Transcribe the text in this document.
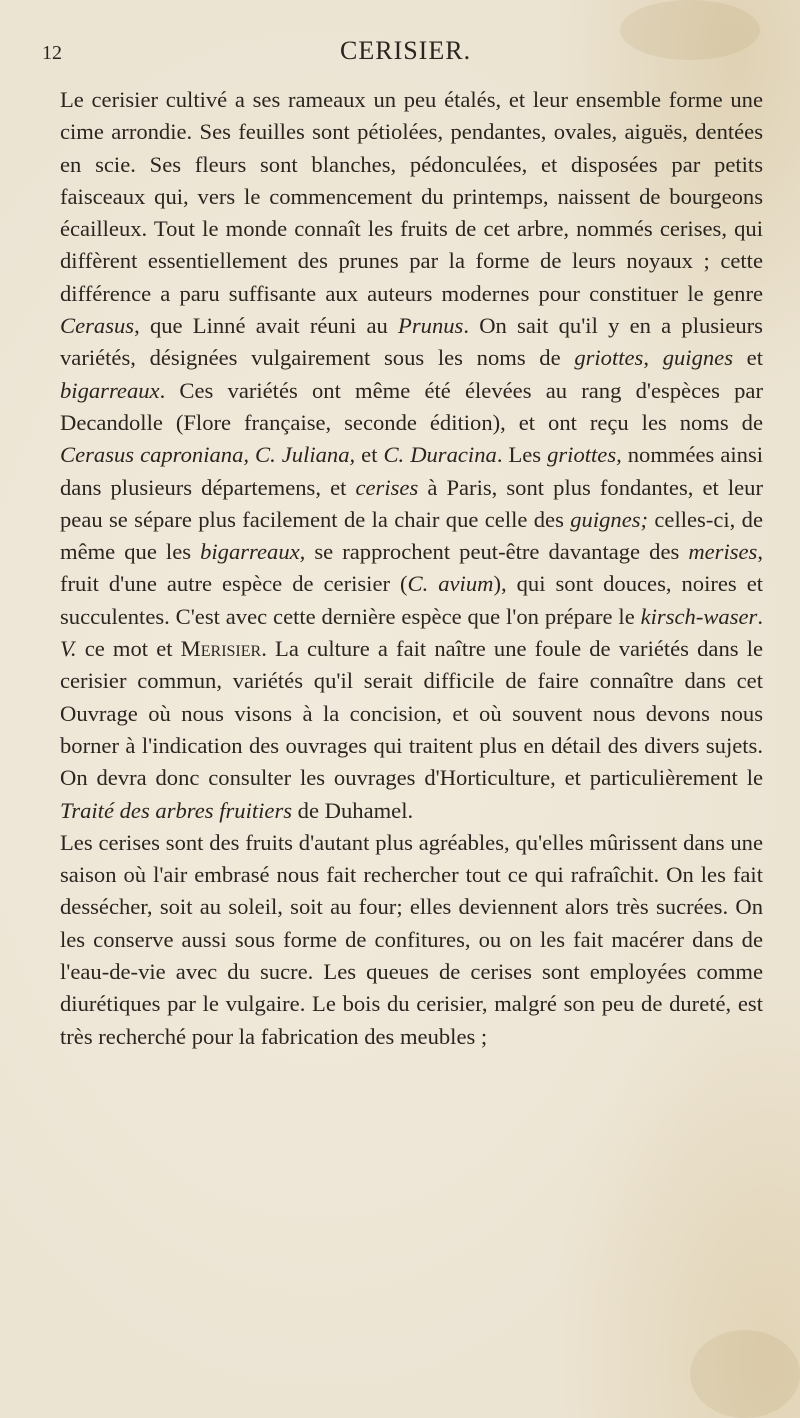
12	CERISIER.

Le cerisier cultivé a ses rameaux un peu étalés, et leur ensemble forme une cime arrondie. Ses feuilles sont pétiolées, pendantes, ovales, aiguës, dentées en scie. Ses fleurs sont blanches, pédonculées, et disposées par petits faisceaux qui, vers le commencement du printemps, naissent de bourgeons écailleux. Tout le monde connaît les fruits de cet arbre, nommés cerises, qui diffèrent essentiellement des prunes par la forme de leurs noyaux ; cette différence a paru suffisante aux auteurs modernes pour constituer le genre Cerasus, que Linné avait réuni au Prunus. On sait qu'il y en a plusieurs variétés, désignées vulgairement sous les noms de griottes, guignes et bigarreaux. Ces variétés ont même été élevées au rang d'espèces par Decandolle (Flore française, seconde édition), et ont reçu les noms de Cerasus caproniana, C. Juliana, et C. Duracina. Les griottes, nommées ainsi dans plusieurs départemens, et cerises à Paris, sont plus fondantes, et leur peau se sépare plus facilement de la chair que celle des guignes; celles-ci, de même que les bigarreaux, se rapprochent peut-être davantage des merises, fruit d'une autre espèce de cerisier (C. avium), qui sont douces, noires et succulentes. C'est avec cette dernière espèce que l'on prépare le kirsch-waser. V. ce mot et Merisier. La culture a fait naître une foule de variétés dans le cerisier commun, variétés qu'il serait difficile de faire connaître dans cet Ouvrage où nous visons à la concision, et où souvent nous devons nous borner à l'indication des ouvrages qui traitent plus en détail des divers sujets. On devra donc consulter les ouvrages d'Horticulture, et particulièrement le Traité des arbres fruitiers de Duhamel.

Les cerises sont des fruits d'autant plus agréables, qu'elles mûrissent dans une saison où l'air embrasé nous fait rechercher tout ce qui rafraîchit. On les fait dessécher, soit au soleil, soit au four; elles deviennent alors très sucrées. On les conserve aussi sous forme de confitures, ou on les fait macérer dans de l'eau-de-vie avec du sucre. Les queues de cerises sont employées comme diurétiques par le vulgaire. Le bois du cerisier, malgré son peu de dureté, est très recherché pour la fabrication des meubles ;
